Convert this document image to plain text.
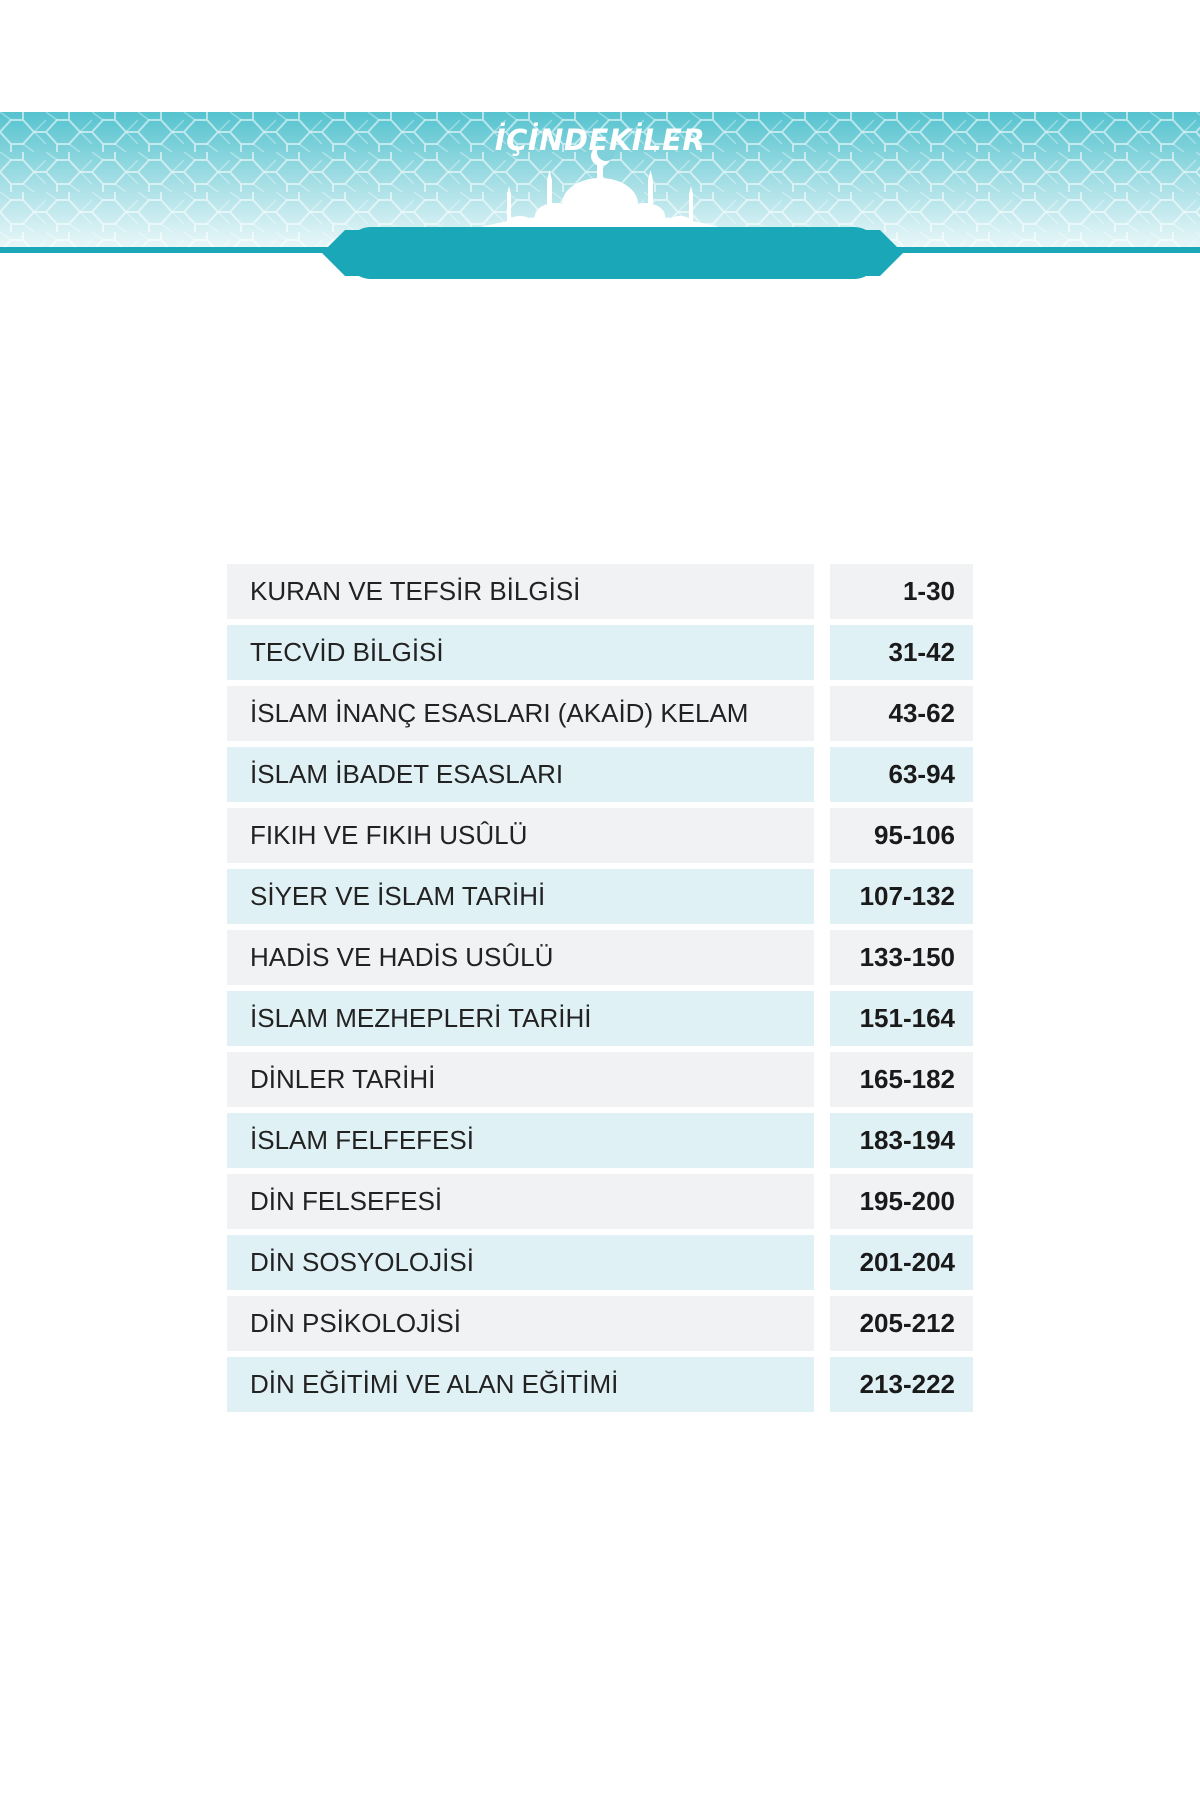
İÇİNDEKİLER
KURAN VE TEFSİR BİLGİSİ	1-30
TECVİD BİLGİSİ	31-42
İSLAM İNANÇ ESASLARI (AKAİD) KELAM	43-62
İSLAM İBADET ESASLARI	63-94
FIKIH VE FIKIH USÛLÜ	95-106
SİYER VE İSLAM TARİHİ	107-132
HADİS VE HADİS USÛLÜ	133-150
İSLAM MEZHEPLERİ TARİHİ	151-164
DİNLER TARİHİ	165-182
İSLAM FELFEFESİ	183-194
DİN FELSEFESİ	195-200
DİN SOSYOLOJİSİ	201-204
DİN PSİKOLOJİSİ	205-212
DİN EĞİTİMİ VE ALAN EĞİTİMİ	213-222
